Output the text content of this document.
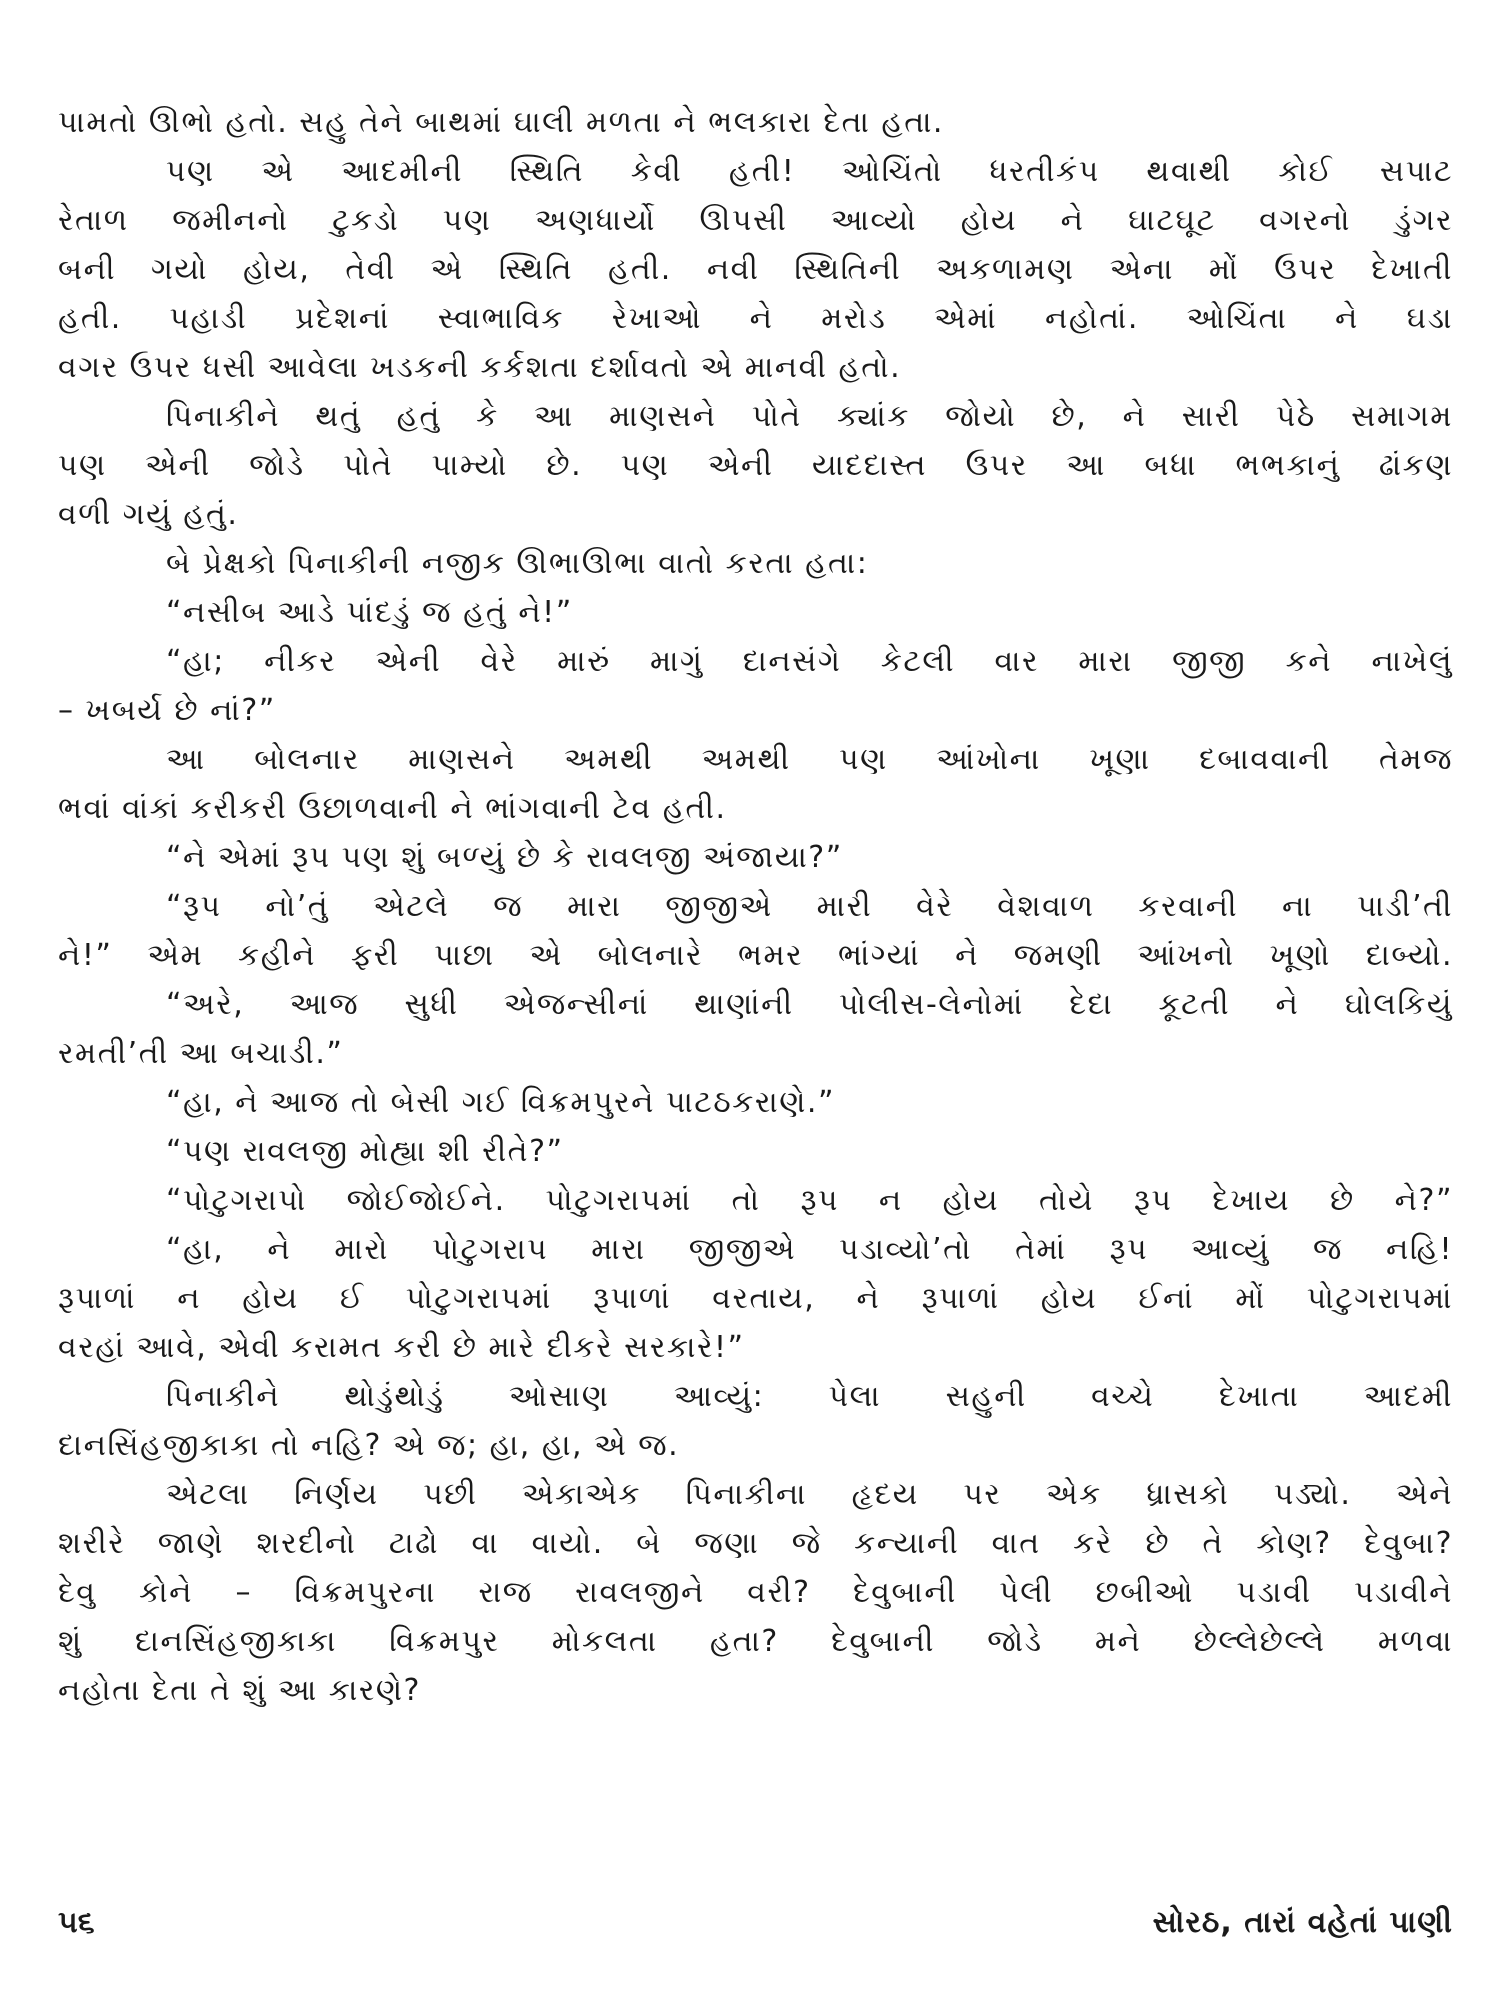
પામતો ઊભો હતો. સહુ તેને બાથમાં ઘાલી મળતા ને ભલકારા દેતા હતા.
પણ એ આદમીની સ્થિતિ કેવી હતી! ઓચિંતો ધરતીકંપ થવાથી કોઈ સપાટ
રેતાળ જમીનનો ટુકડો પણ અણધાર્યો ઊપસી આવ્યો હોય ને ઘાટઘૂટ વગરનો ડુંગર
બની ગયો હોય, તેવી એ સ્થિતિ હતી. નવી સ્થિતિની અકળામણ એના મોં ઉપર દેખાતી
હતી. પહાડી પ્રદેશનાં સ્વાભાવિક રેખાઓ ને મરોડ એમાં નહોતાં. ઓચિંતા ને ઘડા
વગર ઉપર ધસી આવેલા ખડકની કર્કશતા દર્શાવતો એ માનવી હતો.
પિનાકીને થતું હતું કે આ માણસને પોતે ક્યાંક જોયો છે, ને સારી પેઠે સમાગમ
પણ એની જોડે પોતે પામ્યો છે. પણ એની યાદદાસ્ત ઉપર આ બધા ભભકાનું ઢાંકણ
વળી ગયું હતું.
બે પ્રેક્ષકો પિનાકીની નજીક ઊભાઊભા વાતો કરતા હતા:
“નસીબ આડે પાંદડું જ હતું ને!”
“હા; નીકર એની વેરે મારું માગું દાનસંગે કેટલી વાર મારા જીજી કને નાખેલું
– ખબર્ય છે નાં?”
આ બોલનાર માણસને અમથી અમથી પણ આંખોના ખૂણા દબાવવાની તેમજ
ભવાં વાંકાં કરીકરી ઉછાળવાની ને ભાંગવાની ટેવ હતી.
“ને એમાં રૂપ પણ શું બળ્યું છે કે રાવલજી અંજાયા?”
“રૂપ નો’તું એટલે જ મારા જીજીએ મારી વેરે વેશવાળ કરવાની ના પાડી’તી
ને!” એમ કહીને ફરી પાછા એ બોલનારે ભમર ભાંગ્યાં ને જમણી આંખનો ખૂણો દાબ્યો.
“અરે, આજ સુધી એજન્સીનાં થાણાંની પોલીસ-લેનોમાં દેદા કૂટતી ને ઘોલકિયું
રમતી’તી આ બચાડી.”
“હા, ને આજ તો બેસી ગઈ વિક્રમપુરને પાટઠકરાણે.”
“પણ રાવલજી મોહ્યા શી રીતે?”
“પોટુગરાપો જોઈજોઈને. પોટુગરાપમાં તો રૂપ ન હોય તોયે રૂપ દેખાય છે ને?”
“હા, ને મારો પોટુગરાપ મારા જીજીએ પડાવ્યો’તો તેમાં રૂપ આવ્યું જ નહિ!
રૂપાળાં ન હોય ઈ પોટુગરાપમાં રૂપાળાં વરતાય, ને રૂપાળાં હોય ઈનાં મોં પોટુગરાપમાં
વરહાં આવે, એવી કરામત કરી છે મારે દીકરે સરકારે!”
પિનાકીને થોડુંથોડું ઓસાણ આવ્યું: પેલા સહુની વચ્ચે દેખાતા આદમી
દાનસિંહજીકાકા તો નહિ? એ જ; હા, હા, એ જ.
એટલા નિર્ણય પછી એકાએક પિનાકીના હૃદય પર એક ધ્રાસકો પડ્યો. એને
શરીરે જાણે શરદીનો ટાઢો વા વાયો. બે જણા જે કન્યાની વાત કરે છે તે કોણ? દેવુબા?
દેવુ કોને – વિક્રમપુરના રાજ રાવલજીને વરી? દેવુબાની પેલી છબીઓ પડાવી પડાવીને
શું દાનસિંહજીકાકા વિક્રમપુર મોકલતા હતા? દેવુબાની જોડે મને છેલ્લેછેલ્લે મળવા
નહોતા દેતા તે શું આ કારણે?
૫૬	સોરઠ, તારાં વહેતાં પાણી
